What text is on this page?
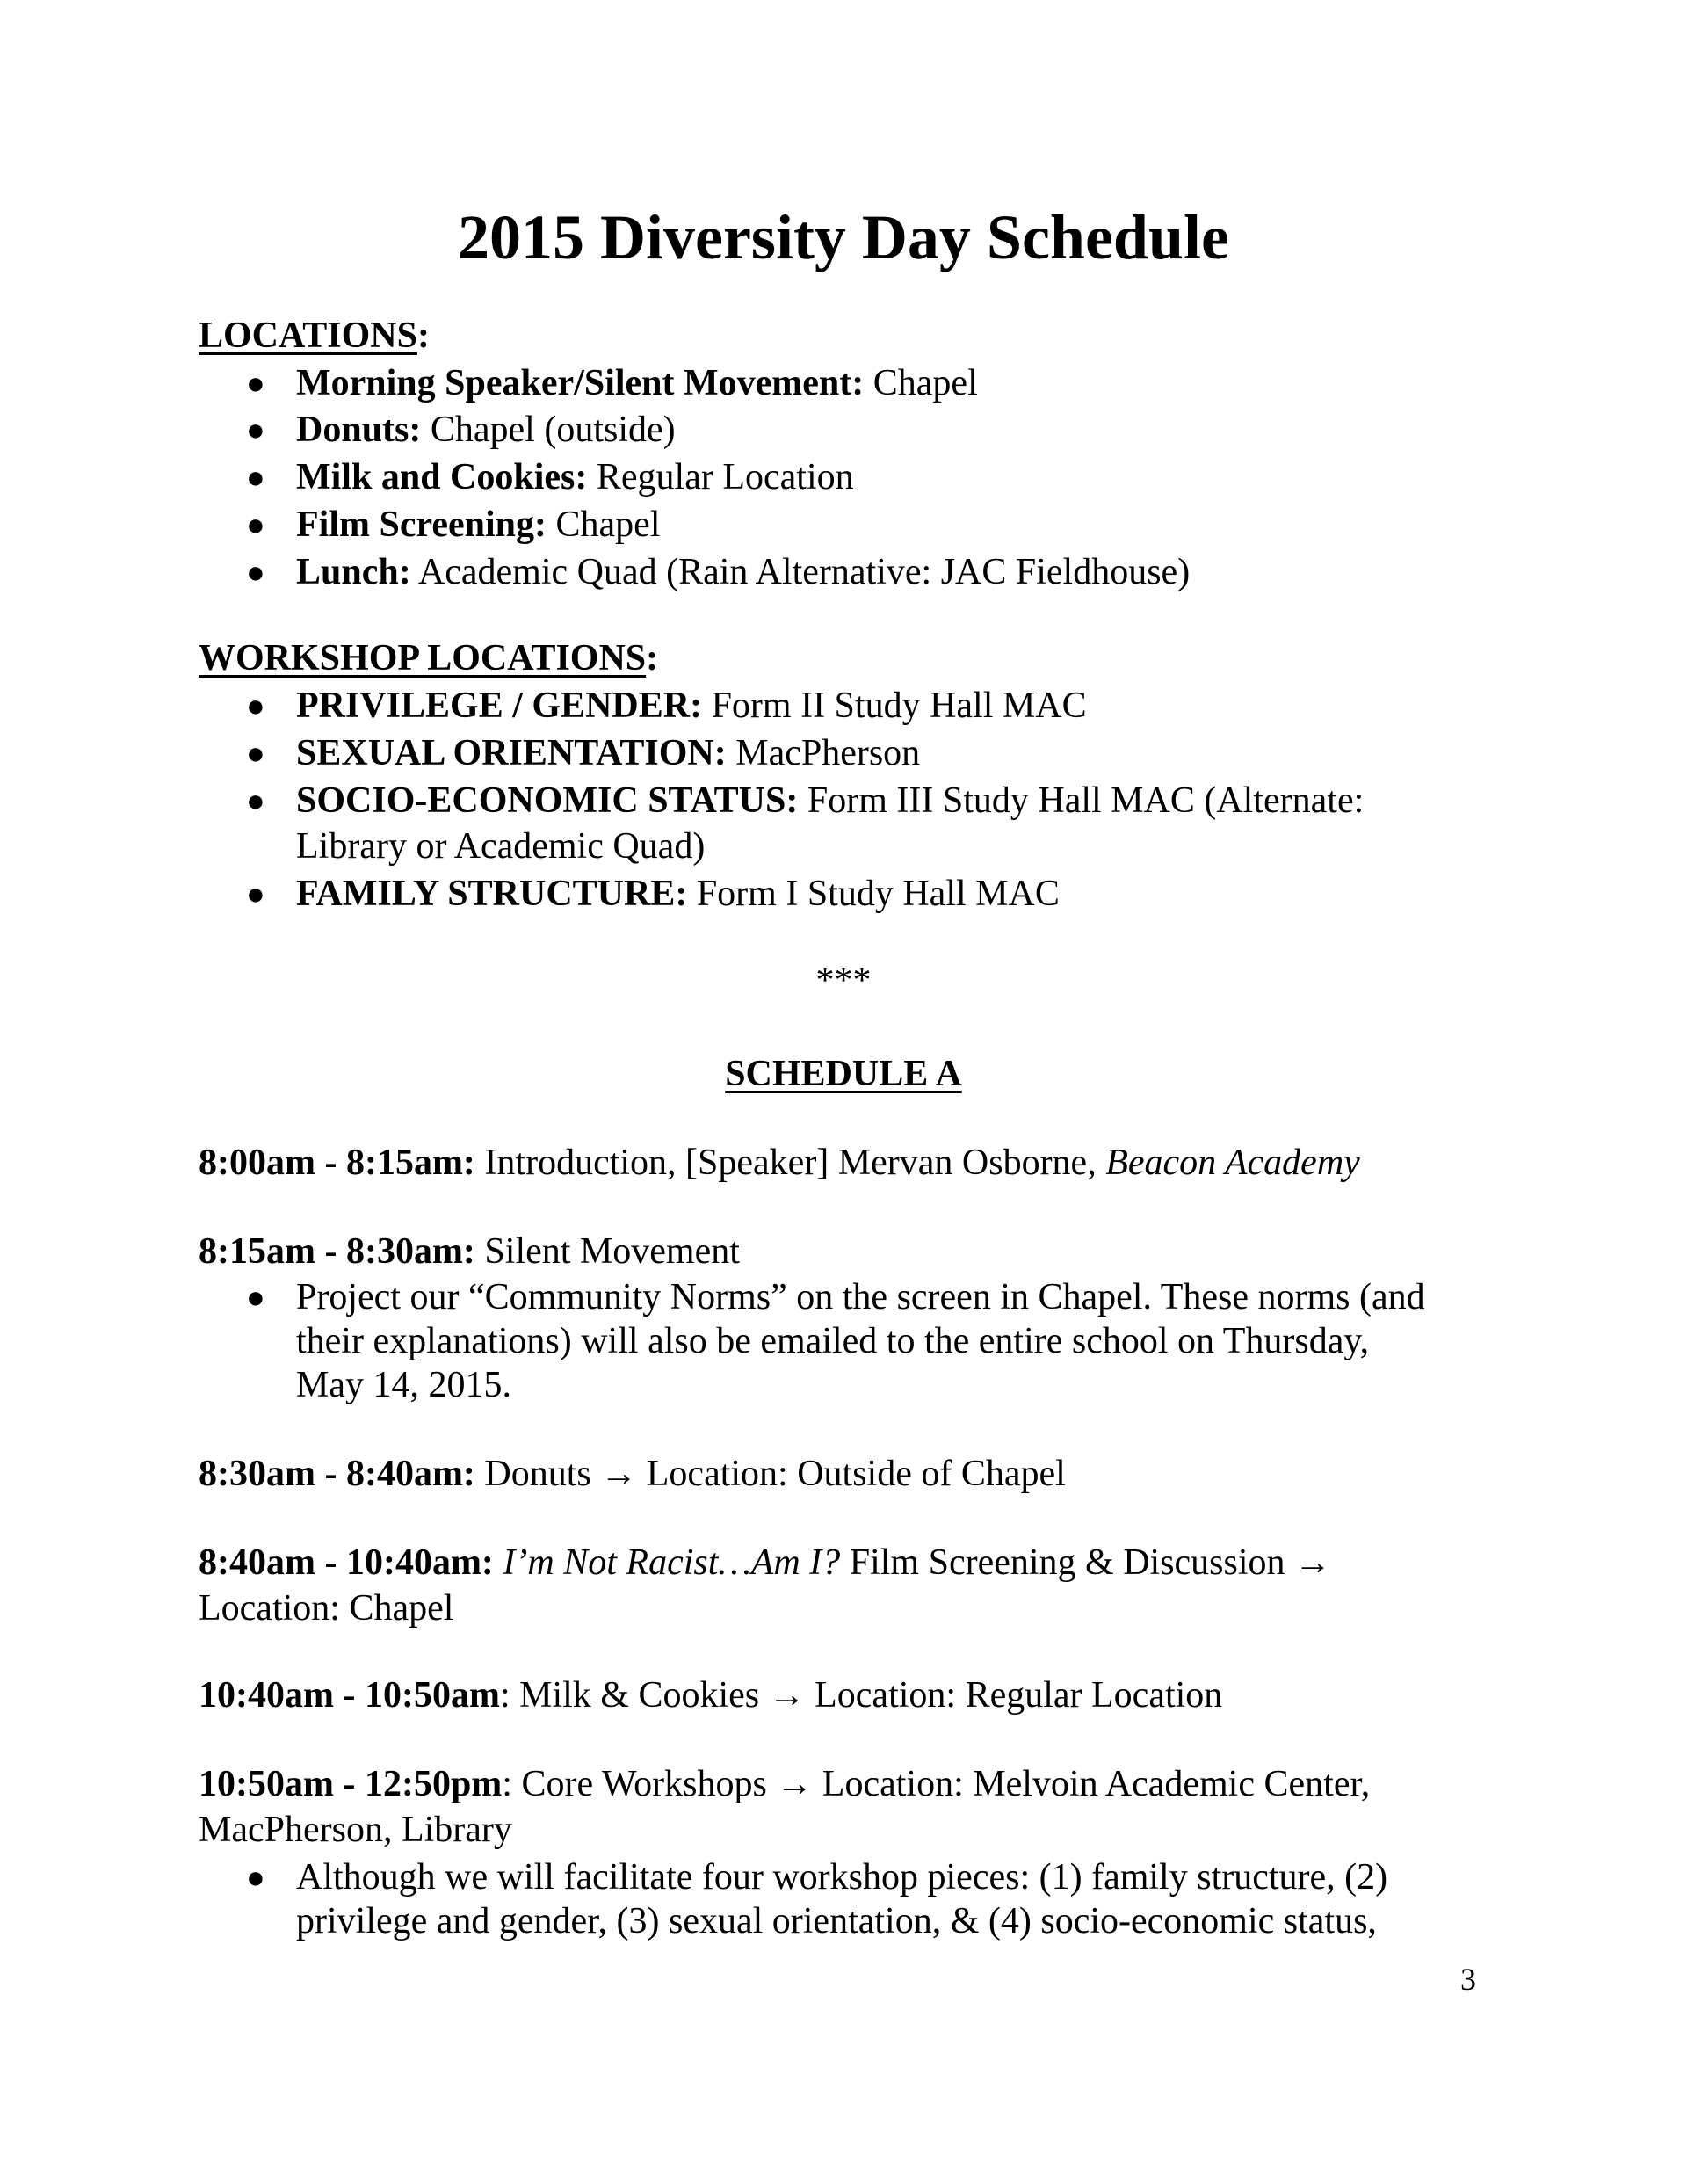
2015 Diversity Day Schedule
LOCATIONS:
● Morning Speaker/Silent Movement: Chapel
● Donuts: Chapel (outside)
● Milk and Cookies: Regular Location
● Film Screening: Chapel
● Lunch: Academic Quad (Rain Alternative: JAC Fieldhouse)
WORKSHOP LOCATIONS:
● PRIVILEGE / GENDER: Form II Study Hall MAC
● SEXUAL ORIENTATION: MacPherson
● SOCIO-ECONOMIC STATUS: Form III Study Hall MAC (Alternate:
Library or Academic Quad)
● FAMILY STRUCTURE: Form I Study Hall MAC
***
SCHEDULE A
8:00am - 8:15am: Introduction, [Speaker] Mervan Osborne, Beacon Academy
8:15am - 8:30am: Silent Movement
● Project our “Community Norms” on the screen in Chapel. These norms (and
their explanations) will also be emailed to the entire school on Thursday,
May 14, 2015.
8:30am - 8:40am: Donuts → Location: Outside of Chapel
8:40am - 10:40am: I’m Not Racist…Am I? Film Screening & Discussion →
Location: Chapel
10:40am - 10:50am: Milk & Cookies → Location: Regular Location
10:50am - 12:50pm: Core Workshops → Location: Melvoin Academic Center,
MacPherson, Library
● Although we will facilitate four workshop pieces: (1) family structure, (2)
privilege and gender, (3) sexual orientation, & (4) socio-economic status,
3
